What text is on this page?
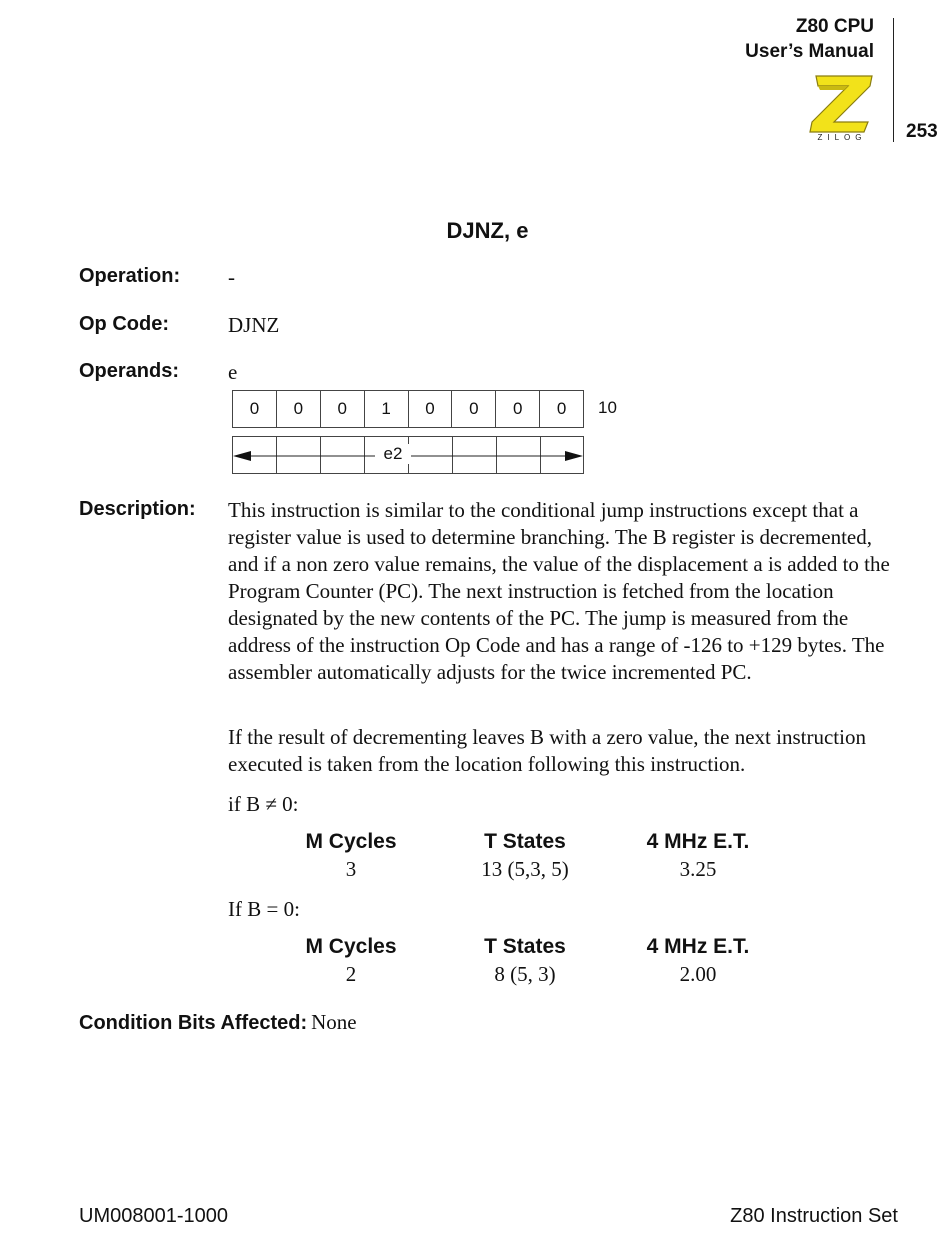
Z80 CPU
User’s Manual
253
ZILOG
DJNZ, e
Operation: -
Op Code:	DJNZ
Operands: e
0	0	0	1	0	0	0	0	10
e2
Description: This instruction is similar to the conditional jump instructions except that a register value is used to determine branching. The B register is decremented, and if a non zero value remains, the value of the displacement a is added to the Program Counter (PC). The next instruction is fetched from the location designated by the new contents of the PC. The jump is measured from the address of the instruction Op Code and has a range of -126 to +129 bytes. The assembler automatically adjusts for the twice incremented PC.

If the result of decrementing leaves B with a zero value, the next instruction executed is taken from the location following this instruction.

if B ≠ 0:
M Cycles	T States	4 MHz E.T.
3	13 (5,3, 5)	3.25
If B = 0:
M Cycles	T States	4 MHz E.T.
2	8 (5, 3)	2.00
Condition Bits Affected: None
UM008001-1000	Z80 Instruction Set
